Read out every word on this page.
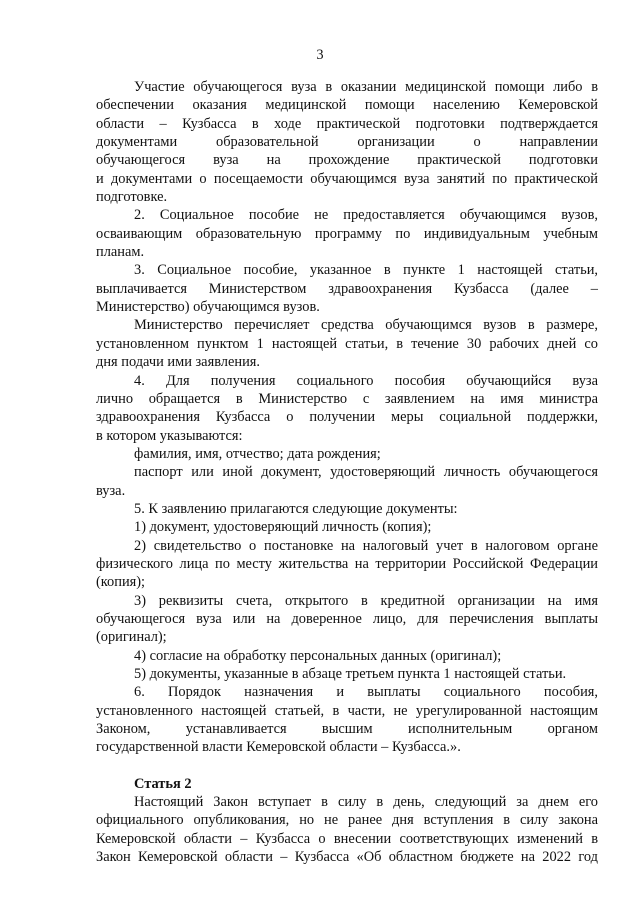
3
Участие обучающегося вуза в оказании медицинской помощи либо в
обеспечении оказания медицинской помощи населению Кемеровской
области – Кузбасса в ходе практической подготовки подтверждается
документами образовательной организации о направлении
обучающегося вуза на прохождение практической подготовки
и документами о посещаемости обучающимся вуза занятий по практической
подготовке.
2. Социальное пособие не предоставляется обучающимся вузов,
осваивающим образовательную программу по индивидуальным учебным
планам.
3. Социальное пособие, указанное в пункте 1 настоящей статьи,
выплачивается Министерством здравоохранения Кузбасса (далее –
Министерство) обучающимся вузов.
Министерство перечисляет средства обучающимся вузов в размере,
установленном пунктом 1 настоящей статьи, в течение 30 рабочих дней со
дня подачи ими заявления.
4. Для получения социального пособия обучающийся вуза
лично обращается в Министерство с заявлением на имя министра
здравоохранения Кузбасса о получении меры социальной поддержки,
в котором указываются:
фамилия, имя, отчество; дата рождения;
паспорт или иной документ, удостоверяющий личность обучающегося
вуза.
5. К заявлению прилагаются следующие документы:
1) документ, удостоверяющий личность (копия);
2) свидетельство о постановке на налоговый учет в налоговом органе
физического лица по месту жительства на территории Российской Федерации
(копия);
3) реквизиты счета, открытого в кредитной организации на имя
обучающегося вуза или на доверенное лицо, для перечисления выплаты
(оригинал);
4) согласие на обработку персональных данных (оригинал);
5) документы, указанные в абзаце третьем пункта 1 настоящей статьи.
6. Порядок назначения и выплаты социального пособия,
установленного настоящей статьей, в части, не урегулированной настоящим
Законом, устанавливается высшим исполнительным органом
государственной власти Кемеровской области – Кузбасса.».
Статья 2
Настоящий Закон вступает в силу в день, следующий за днем его
официального опубликования, но не ранее дня вступления в силу закона
Кемеровской области – Кузбасса о внесении соответствующих изменений в
Закон Кемеровской области – Кузбасса «Об областном бюджете на 2022 год
